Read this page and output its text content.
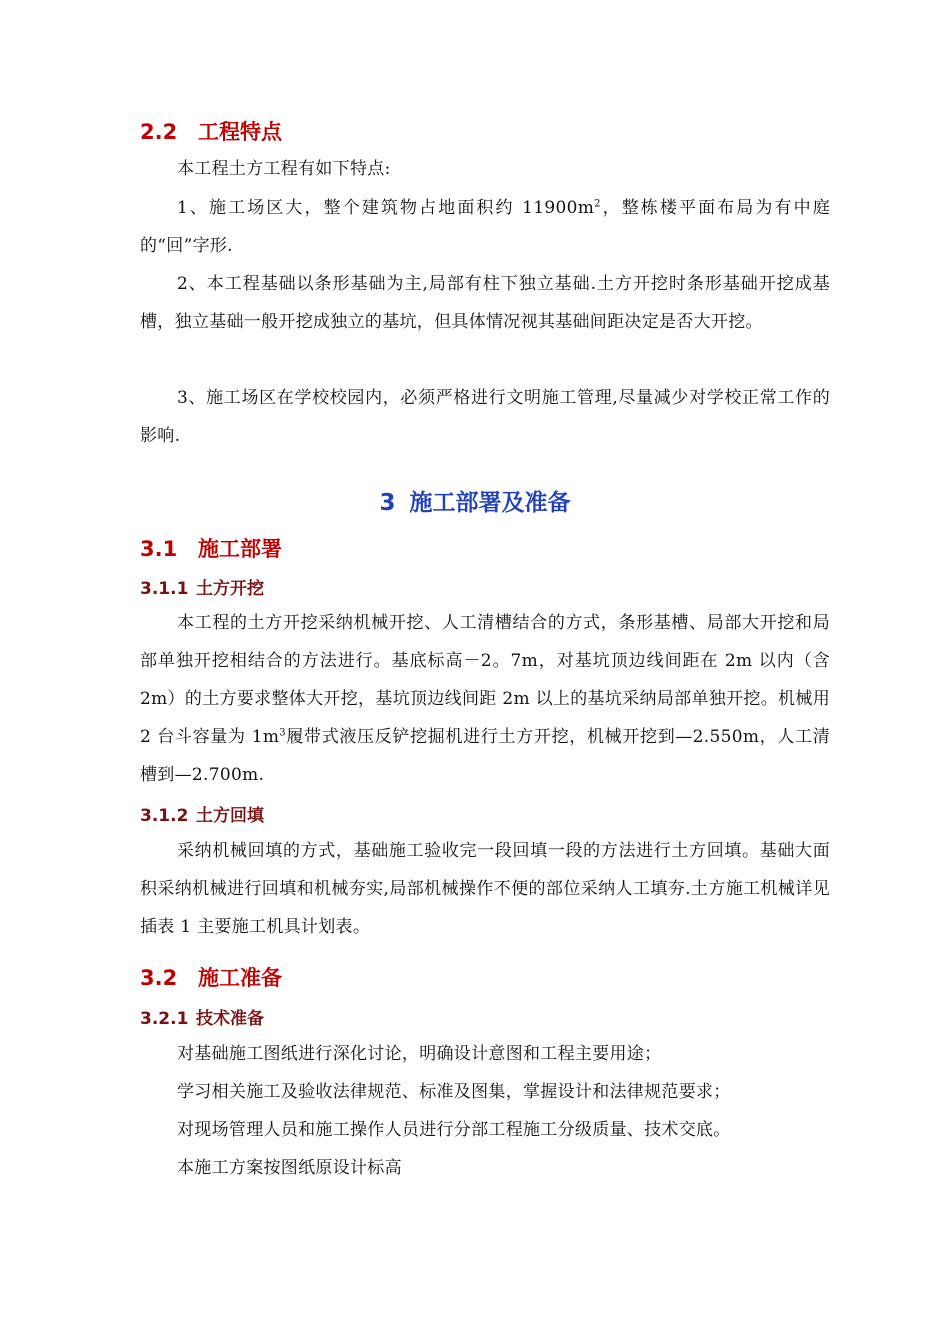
2.2 工程特点
本工程土方工程有如下特点:
1、施工场区大，整个建筑物占地面积约 $11900m^2$，整栋楼平面布局为有中庭的“回”字形.
2、本工程基础以条形基础为主,局部有柱下独立基础.土方开挖时条形基础开挖成基槽，独立基础一般开挖成独立的基坑，但具体情况视其基础间距决定是否大开挖。
3、施工场区在学校校园内，必须严格进行文明施工管理,尽量减少对学校正常工作的影响.
3 施工部署及准备
3.1 施工部署
3.1.1 土方开挖
本工程的土方开挖采纳机械开挖、人工清槽结合的方式，条形基槽、局部大开挖和局部单独开挖相结合的方法进行。基底标高－2。7m，对基坑顶边线间距在 2m 以内（含 2m）的土方要求整体大开挖，基坑顶边线间距 2m 以上的基坑采纳局部单独开挖。机械用 2 台斗容量为 $1m^3$履带式液压反铲挖掘机进行土方开挖，机械开挖到—2.550m，人工清槽到—2.700m.
3.1.2 土方回填
采纳机械回填的方式，基础施工验收完一段回填一段的方法进行土方回填。基础大面积采纳机械进行回填和机械夯实,局部机械操作不便的部位采纳人工填夯.土方施工机械详见插表 1 主要施工机具计划表。
3.2 施工准备
3.2.1 技术准备
对基础施工图纸进行深化讨论，明确设计意图和工程主要用途；
学习相关施工及验收法律规范、标准及图集，掌握设计和法律规范要求；
对现场管理人员和施工操作人员进行分部工程施工分级质量、技术交底。
本施工方案按图纸原设计标高
